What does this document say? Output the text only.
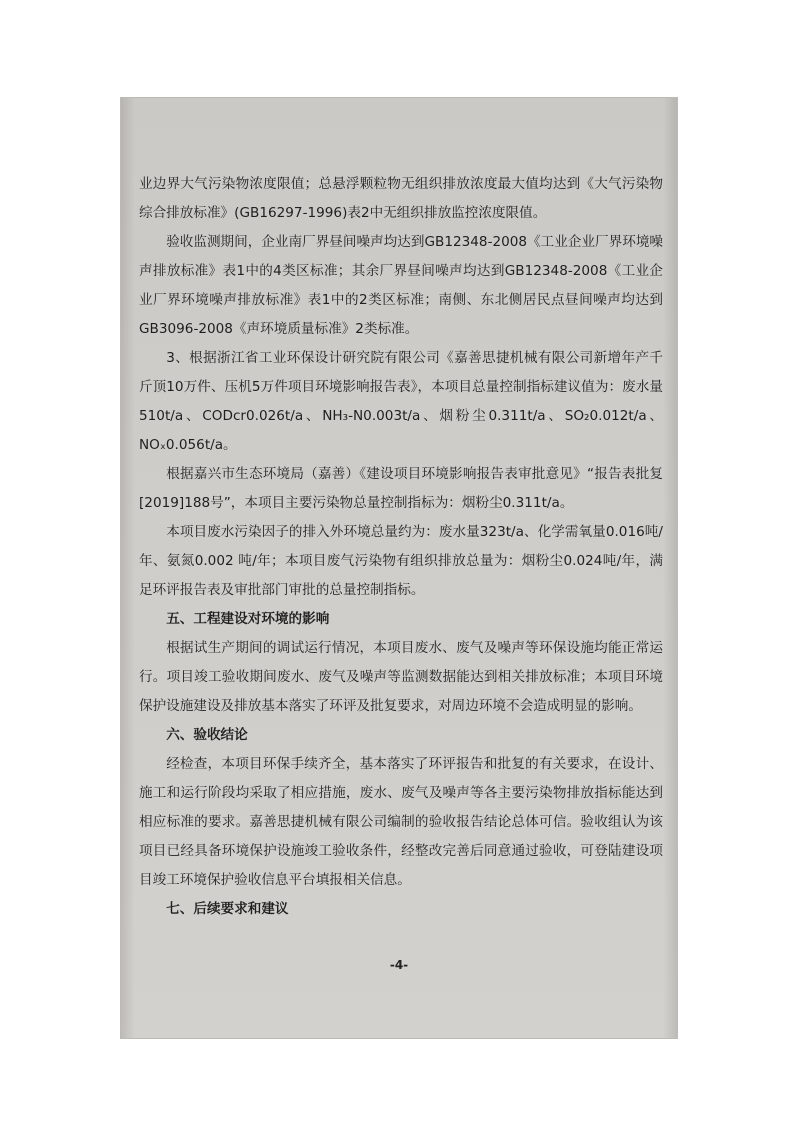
业边界大气污染物浓度限值；总悬浮颗粒物无组织排放浓度最大值均达到《大气污染物综合排放标准》(GB16297-1996)表2中无组织排放监控浓度限值。

验收监测期间，企业南厂界昼间噪声均达到GB12348-2008《工业企业厂界环境噪声排放标准》表1中的4类区标准；其余厂界昼间噪声均达到GB12348-2008《工业企业厂界环境噪声排放标准》表1中的2类区标准；南侧、东北侧居民点昼间噪声均达到GB3096-2008《声环境质量标准》2类标准。

3、根据浙江省工业环保设计研究院有限公司《嘉善思捷机械有限公司新增年产千斤顶10万件、压机5万件项目环境影响报告表》，本项目总量控制指标建议值为：废水量510t/a、CODcr0.026t/a、NH₃-N0.003t/a、烟粉尘0.311t/a、SO₂0.012t/a、NOₓ0.056t/a。

根据嘉兴市生态环境局（嘉善）《建设项目环境影响报告表审批意见》“报告表批复[2019]188号”，本项目主要污染物总量控制指标为：烟粉尘0.311t/a。

本项目废水污染因子的排入外环境总量约为：废水量323t/a、化学需氧量0.016吨/年、氨氮0.002 吨/年；本项目废气污染物有组织排放总量为：烟粉尘0.024吨/年，满足环评报告表及审批部门审批的总量控制指标。

五、工程建设对环境的影响

根据试生产期间的调试运行情况，本项目废水、废气及噪声等环保设施均能正常运行。项目竣工验收期间废水、废气及噪声等监测数据能达到相关排放标准；本项目环境保护设施建设及排放基本落实了环评及批复要求，对周边环境不会造成明显的影响。

六、验收结论

经检查，本项目环保手续齐全，基本落实了环评报告和批复的有关要求，在设计、施工和运行阶段均采取了相应措施，废水、废气及噪声等各主要污染物排放指标能达到相应标准的要求。嘉善思捷机械有限公司编制的验收报告结论总体可信。验收组认为该项目已经具备环境保护设施竣工验收条件，经整改完善后同意通过验收，可登陆建设项目竣工环境保护验收信息平台填报相关信息。

七、后续要求和建议

-4-
